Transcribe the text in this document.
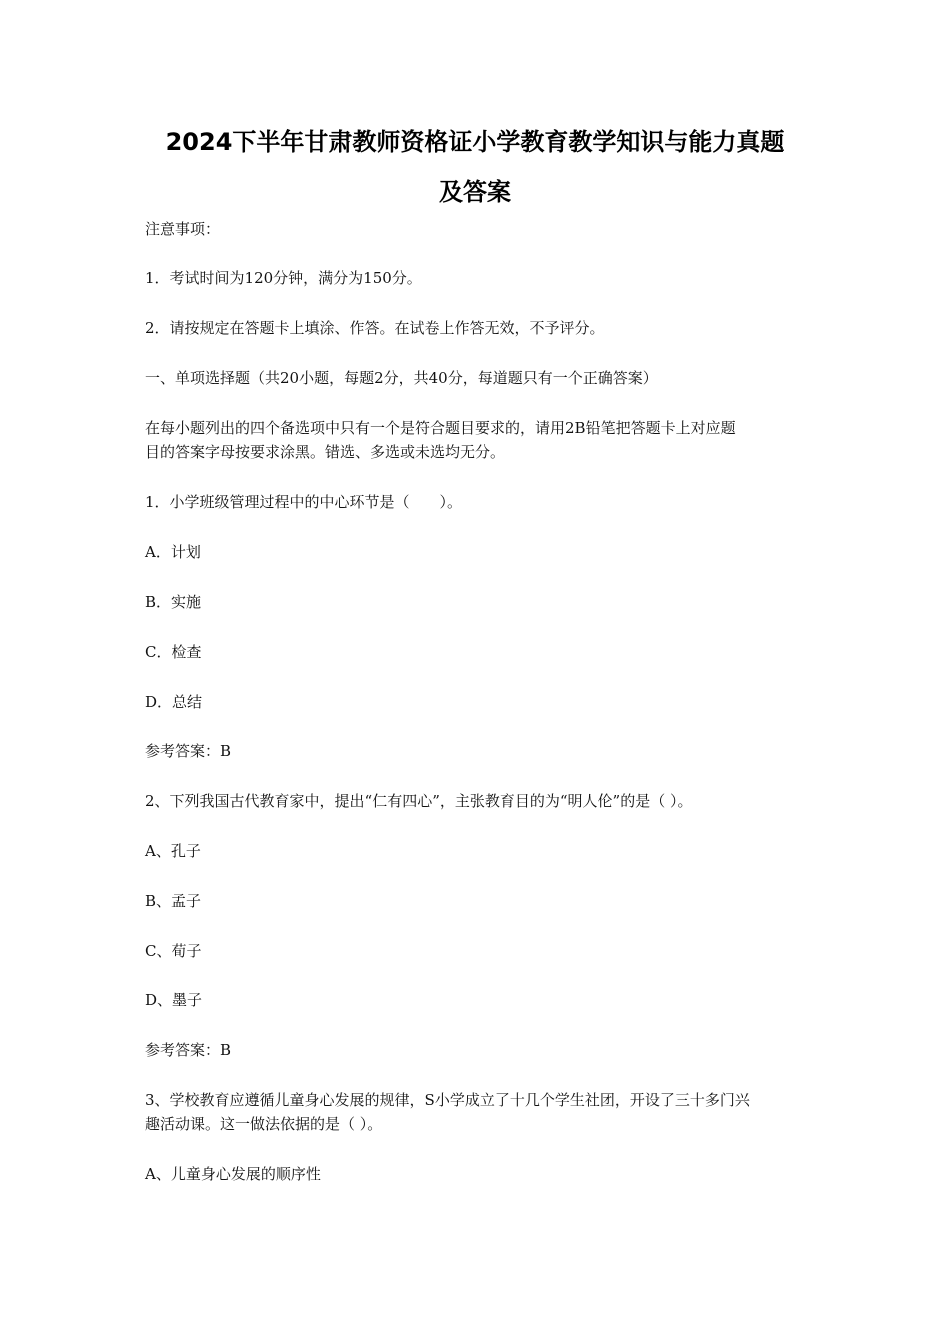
2024下半年甘肃教师资格证小学教育教学知识与能力真题
及答案

注意事项：

1．考试时间为120分钟，满分为150分。

2．请按规定在答题卡上填涂、作答。在试卷上作答无效，不予评分。

一、单项选择题（共20小题，每题2分，共40分，每道题只有一个正确答案）

在每小题列出的四个备选项中只有一个是符合题目要求的，请用2B铅笔把答题卡上对应题

目的答案字母按要求涂黑。错选、多选或未选均无分。

1．小学班级管理过程中的中心环节是（　　）。

A．计划

B．实施

C．检查

D．总结

参考答案：B

2、下列我国古代教育家中，提出“仁有四心”，主张教育目的为“明人伦”的是（ ）。

A、孔子

B、孟子

C、荀子

D、墨子

参考答案：B

3、学校教育应遵循儿童身心发展的规律，S小学成立了十几个学生社团，开设了三十多门兴

趣活动课。这一做法依据的是（ ）。

A、儿童身心发展的顺序性
